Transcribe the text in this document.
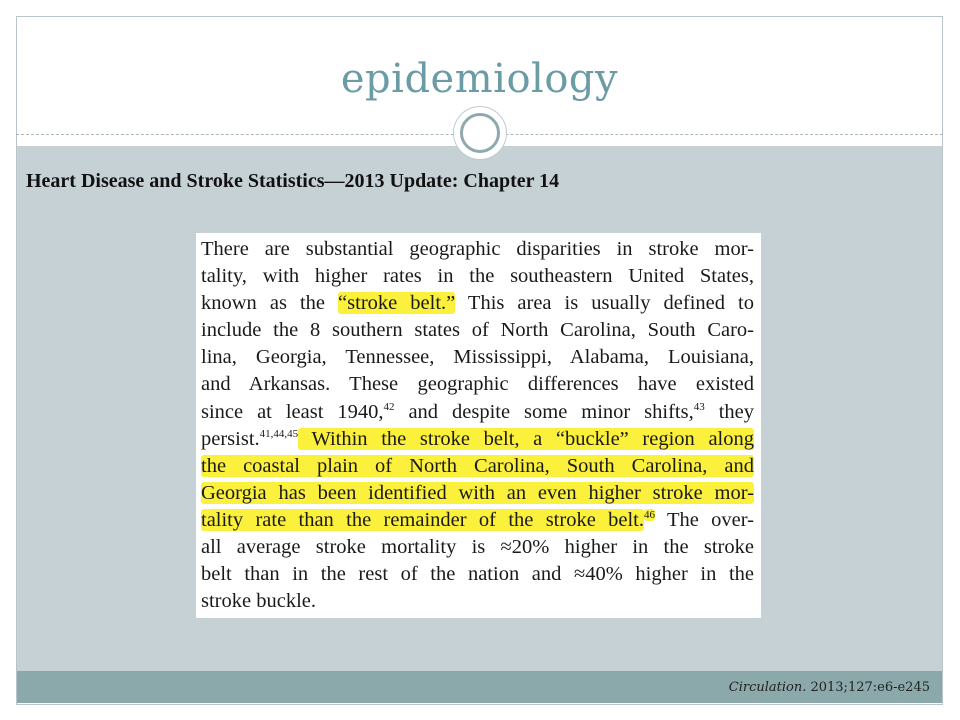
epidemiology
Heart Disease and Stroke Statistics—2013 Update: Chapter 14
There are substantial geographic disparities in stroke mor-
tality, with higher rates in the southeastern United States,
known as the “stroke belt.” This area is usually defined to
include the 8 southern states of North Carolina, South Caro-
lina, Georgia, Tennessee, Mississippi, Alabama, Louisiana,
and Arkansas. These geographic differences have existed
since at least 1940,42 and despite some minor shifts,$^{43}$ they
persist.$^{41,44,45}$ Within the stroke belt, a “buckle” region along
the coastal plain of North Carolina, South Carolina, and
Georgia has been identified with an even higher stroke mor-
tality rate than the remainder of the stroke belt.$^{46}$ The over-
all average stroke mortality is ≈20% higher in the stroke
belt than in the rest of the nation and ≈40% higher in the
stroke buckle.
Circulation. 2013;127:e6-e245
